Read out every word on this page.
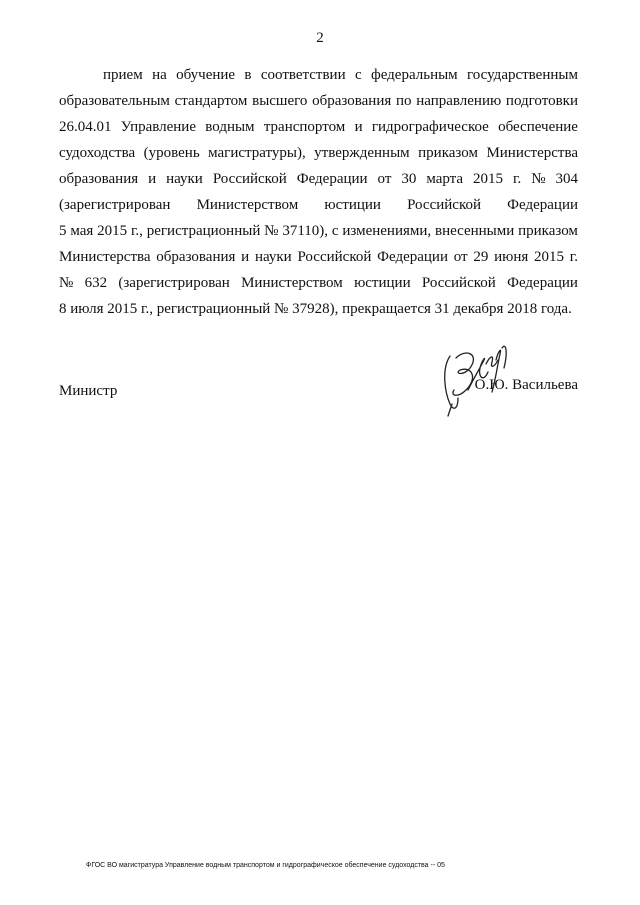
2
прием на обучение в соответствии с федеральным государственным
образовательным стандартом высшего образования по направлению подготовки
26.04.01 Управление водным транспортом и гидрографическое обеспечение
судоходства (уровень магистратуры), утвержденным приказом Министерства
образования и науки Российской Федерации от 30 марта 2015 г. № 304
(зарегистрирован Министерством юстиции Российской Федерации
5 мая 2015 г., регистрационный № 37110), с изменениями, внесенными приказом
Министерства образования и науки Российской Федерации от 29 июня 2015 г.
№ 632 (зарегистрирован Министерством юстиции Российской Федерации
8 июля 2015 г., регистрационный № 37928), прекращается 31 декабря 2018 года.
Министр	О.Ю. Васильева
ФГОС ВО магистратура Управление водным транспортом и гидрографическое обеспечение судоходства -- 05
